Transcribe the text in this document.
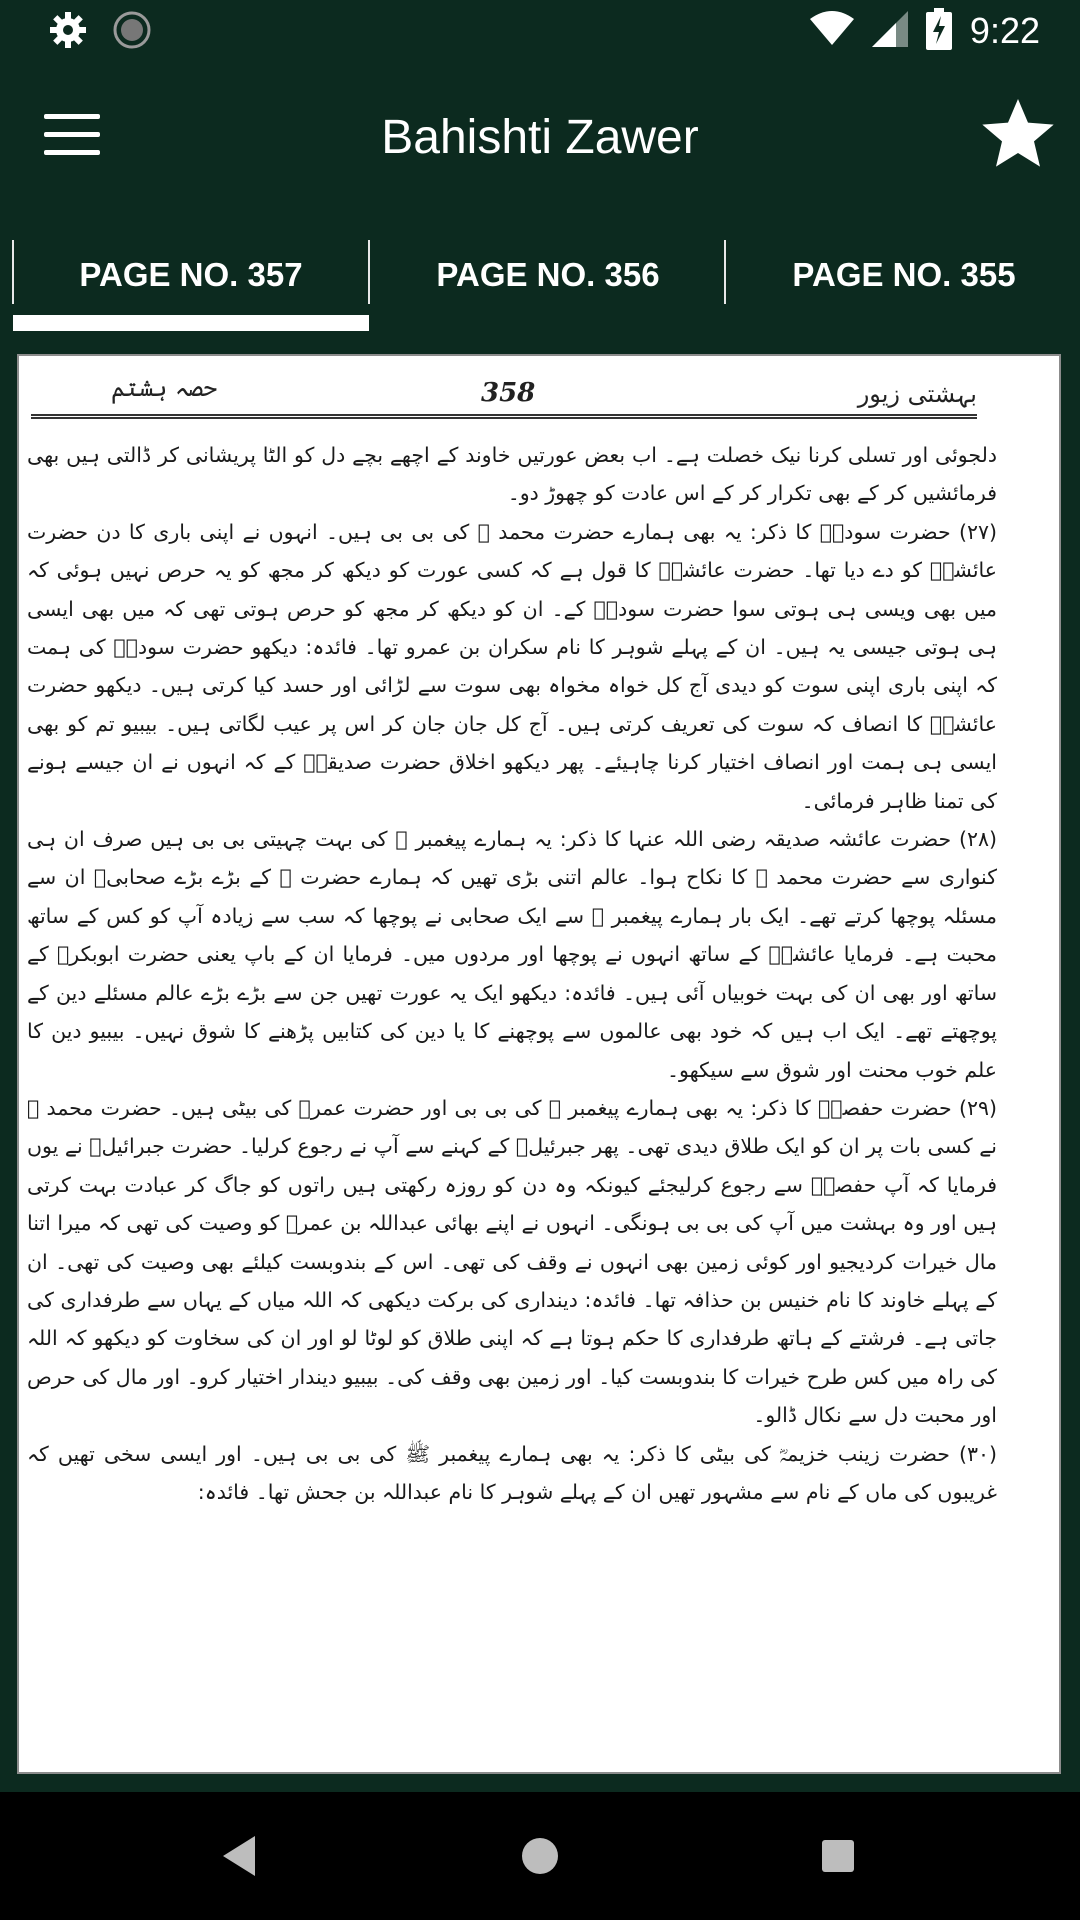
9:22
Bahishti Zawer
PAGE NO. 357	PAGE NO. 356	PAGE NO. 355
بہشتی زیور
358
حصہ ہشتم

دلجوئی اور تسلی کرنا نیک خصلت ہے۔ اب بعض عورتیں خاوند کے اچھے بچے دل کو الٹا پریشانی کر ڈالتی ہیں بھی فرمائشیں کر کے بھی تکرار کر کے اس عادت کو چھوڑ دو۔

(۲۷) حضرت سودہؓ کا ذکر: یہ بھی ہمارے حضرت محمد ﷺ کی بی بی ہیں۔ انہوں نے اپنی باری کا دن حضرت عائشہؓ کو دے دیا تھا۔ حضرت عائشہؓ کا قول ہے کہ کسی عورت کو دیکھ کر مجھ کو یہ حرص نہیں ہوئی کہ میں بھی ویسی ہی ہوتی سوا حضرت سودہؓ کے۔ ان کو دیکھ کر مجھ کو حرص ہوتی تھی کہ میں بھی ایسی ہی ہوتی جیسی یہ ہیں۔ ان کے پہلے شوہر کا نام سکران بن عمرو تھا۔ فائدہ: دیکھو حضرت سودہؓ کی ہمت کہ اپنی باری اپنی سوت کو دیدی آج کل خواہ مخواہ بھی سوت سے لڑائی اور حسد کیا کرتی ہیں۔ دیکھو حضرت عائشہؓ کا انصاف کہ سوت کی تعریف کرتی ہیں۔ آج کل جان جان کر اس پر عیب لگاتی ہیں۔ بیبیو تم کو بھی ایسی ہی ہمت اور انصاف اختیار کرنا چاہیئے۔ پھر دیکھو اخلاق حضرت صدیقہؓ کے کہ انہوں نے ان جیسے ہونے کی تمنا ظاہر فرمائی۔

(۲۸) حضرت عائشہ صدیقہ رضی اللہ عنہا کا ذکر: یہ ہمارے پیغمبر ﷺ کی بہت چہیتی بی بی ہیں صرف ان ہی کنواری سے حضرت محمد ﷺ کا نکاح ہوا۔ عالم اتنی بڑی تھیں کہ ہمارے حضرت ﷺ کے بڑے بڑے صحابیؓ ان سے مسئلہ پوچھا کرتے تھے۔ ایک بار ہمارے پیغمبر ﷺ سے ایک صحابی نے پوچھا کہ سب سے زیادہ آپ کو کس کے ساتھ محبت ہے۔ فرمایا عائشہؓ کے ساتھ انہوں نے پوچھا اور مردوں میں۔ فرمایا ان کے باپ یعنی حضرت ابوبکرؓ کے ساتھ اور بھی ان کی بہت خوبیاں آئی ہیں۔ فائدہ: دیکھو ایک یہ عورت تھیں جن سے بڑے بڑے عالم مسئلے دین کے پوچھتے تھے۔ ایک اب ہیں کہ خود بھی عالموں سے پوچھنے کا یا دین کی کتابیں پڑھنے کا شوق نہیں۔ بیبیو دین کا علم خوب محنت اور شوق سے سیکھو۔

(۲۹) حضرت حفصہؓ کا ذکر: یہ بھی ہمارے پیغمبر ﷺ کی بی بی اور حضرت عمرؓ کی بیٹی ہیں۔ حضرت محمد ﷺ نے کسی بات پر ان کو ایک طلاق دیدی تھی۔ پھر جبرئیلؑ کے کہنے سے آپ نے رجوع کرلیا۔ حضرت جبرائیلؑ نے یوں فرمایا کہ آپ حفصہؓ سے رجوع کرلیجئے کیونکہ وہ دن کو روزہ رکھتی ہیں راتوں کو جاگ کر عبادت بہت کرتی ہیں اور وہ بہشت میں آپ کی بی بی ہونگی۔ انہوں نے اپنے بھائی عبداللہ بن عمرؓ کو وصیت کی تھی کہ میرا اتنا مال خیرات کردیجیو اور کوئی زمین بھی انہوں نے وقف کی تھی۔ اس کے بندوبست کیلئے بھی وصیت کی تھی۔ ان کے پہلے خاوند کا نام خنیس بن حذافہ تھا۔ فائدہ: دینداری کی برکت دیکھی کہ اللہ میاں کے یہاں سے طرفداری کی جاتی ہے۔ فرشتے کے ہاتھ طرفداری کا حکم ہوتا ہے کہ اپنی طلاق کو لوٹا لو اور ان کی سخاوت کو دیکھو کہ اللہ کی راہ میں کس طرح خیرات کا بندوبست کیا۔ اور زمین بھی وقف کی۔ بیبیو دیندار اختیار کرو۔ اور مال کی حرص اور محبت دل سے نکال ڈالو۔

(۳۰) حضرت زینب خزیمہؓ کی بیٹی کا ذکر: یہ بھی ہمارے پیغمبر ﷺ کی بی بی ہیں۔ اور ایسی سخی تھیں کہ غریبوں کی ماں کے نام سے مشہور تھیں ان کے پہلے شوہر کا نام عبداللہ بن جحش تھا۔ فائدہ:
